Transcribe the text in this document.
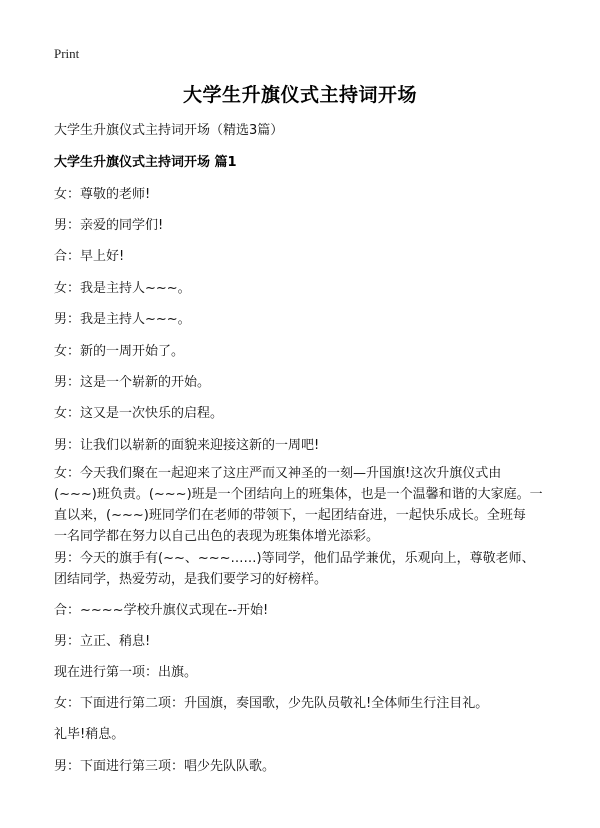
Print
大学生升旗仪式主持词开场
大学生升旗仪式主持词开场（精选3篇）
大学生升旗仪式主持词开场 篇1
女：尊敬的老师!
男：亲爱的同学们!
合：早上好!
女：我是主持人~~~。
男：我是主持人~~~。
女：新的一周开始了。
男：这是一个崭新的开始。
女：这又是一次快乐的启程。
男：让我们以崭新的面貌来迎接这新的一周吧!
女：今天我们聚在一起迎来了这庄严而又神圣的一刻—升国旗!这次升旗仪式由
(~~~)班负责。(~~~)班是一个团结向上的班集体，也是一个温馨和谐的大家庭。一
直以来，(~~~)班同学们在老师的带领下，一起团结奋进，一起快乐成长。全班每
一名同学都在努力以自己出色的表现为班集体增光添彩。
男：今天的旗手有(~~、~~~……)等同学，他们品学兼优，乐观向上，尊敬老师、
团结同学，热爱劳动，是我们要学习的好榜样。
合：~~~~学校升旗仪式现在--开始!
男：立正、稍息!
现在进行第一项：出旗。
女：下面进行第二项：升国旗，奏国歌，少先队员敬礼!全体师生行注目礼。
礼毕!稍息。
男：下面进行第三项：唱少先队队歌。
